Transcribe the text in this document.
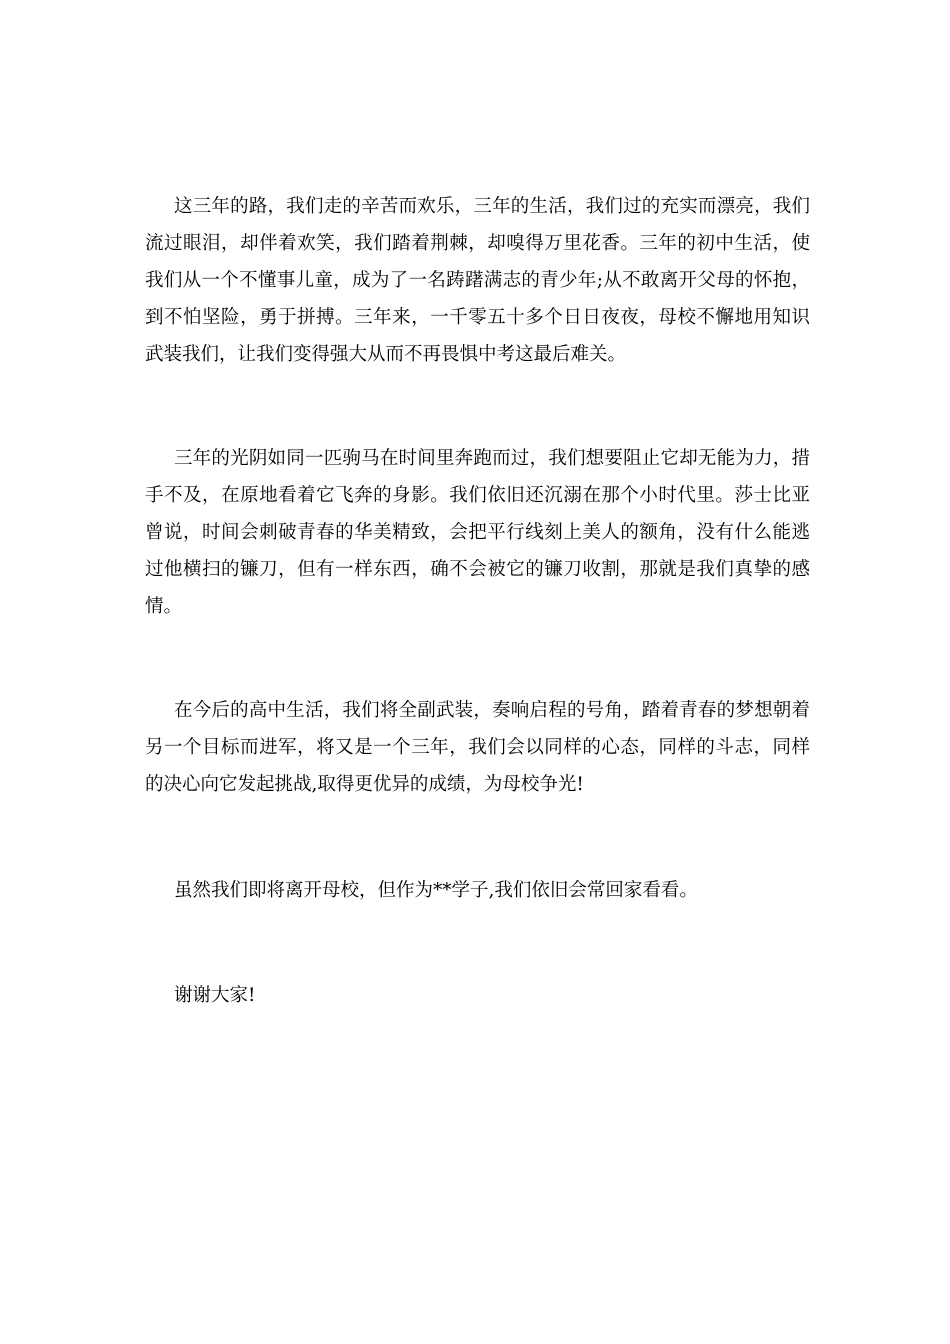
这三年的路，我们走的辛苦而欢乐，三年的生活，我们过的充实而漂亮，我们流过眼泪，却伴着欢笑，我们踏着荆棘，却嗅得万里花香。三年的初中生活，使我们从一个不懂事儿童，成为了一名踌躇满志的青少年;从不敢离开父母的怀抱，到不怕坚险，勇于拼搏。三年来，一千零五十多个日日夜夜，母校不懈地用知识武装我们，让我们变得强大从而不再畏惧中考这最后难关。

三年的光阴如同一匹驹马在时间里奔跑而过，我们想要阻止它却无能为力，措手不及，在原地看着它飞奔的身影。我们依旧还沉溺在那个小时代里。莎士比亚曾说，时间会刺破青春的华美精致，会把平行线刻上美人的额角，没有什么能逃过他横扫的镰刀，但有一样东西，确不会被它的镰刀收割，那就是我们真挚的感情。

在今后的高中生活，我们将全副武装，奏响启程的号角，踏着青春的梦想朝着另一个目标而进军，将又是一个三年，我们会以同样的心态，同样的斗志，同样的决心向它发起挑战,取得更优异的成绩，为母校争光!

虽然我们即将离开母校，但作为**学子,我们依旧会常回家看看。

谢谢大家!
